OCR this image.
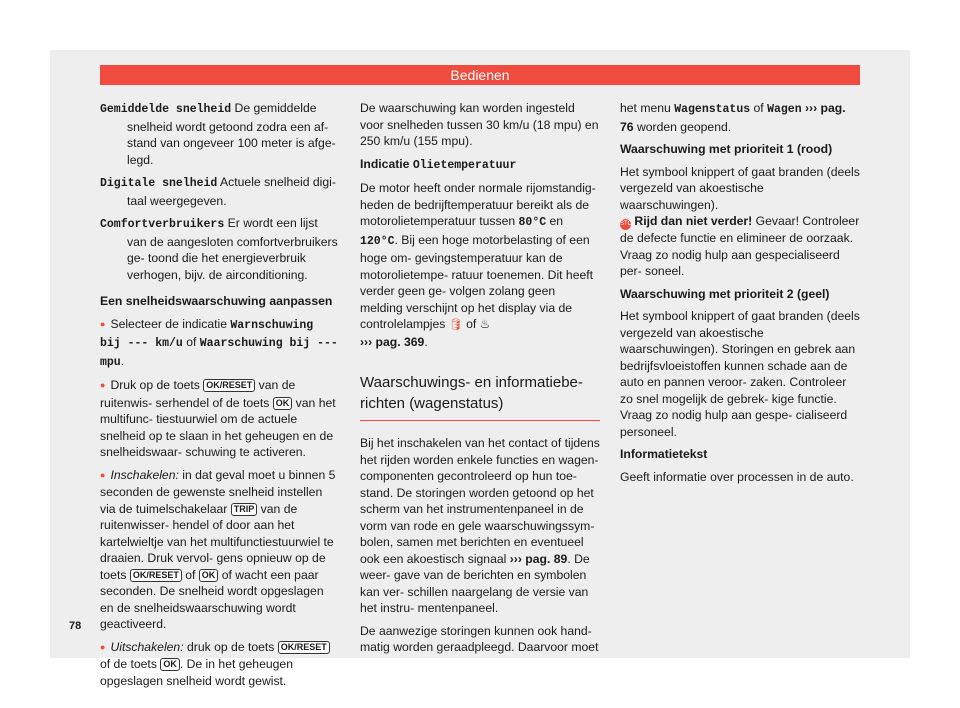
Bedienen

Gemiddelde snelheid De gemiddelde snelheid wordt getoond zodra een af- stand van ongeveer 100 meter is afge- legd.

Digitale snelheid Actuele snelheid digi- taal weergegeven.

Comfortverbruikers Er wordt een lijst van de aangesloten comfortverbruikers ge- toond die het energieverbruik verhogen, bijv. de airconditioning.

Een snelheidswaarschuwing aanpassen

● Selecteer de indicatie Warnschuwing bij --- km/u of Waarschuwing bij --- mpu.

● Druk op de toets OK/RESET van de ruitenwis- serhendel of de toets OK van het multifunc- tiestuurwiel om de actuele snelheid op te slaan in het geheugen en de snelheidswaar- schuwing te activeren.

● Inschakelen: in dat geval moet u binnen 5 seconden de gewenste snelheid instellen via de tuimelschakelaar TRIP van de ruitenwisser- hendel of door aan het kartelwieltje van het multifunctiestuurwiel te draaien. Druk vervol- gens opnieuw op de toets OK/RESET of OK of wacht een paar seconden. De snelheid wordt opgeslagen en de snelheidswaarschuwing wordt geactiveerd.

● Uitschakelen: druk op de toets OK/RESET of de toets OK . De in het geheugen opgeslagen snelheid wordt gewist.

De waarschuwing kan worden ingesteld voor snelheden tussen 30 km/u (18 mpu) en 250 km/u (155 mpu).

Indicatie Olietemperatuur

De motor heeft onder normale rijomstandig- heden de bedrijftemperatuur bereikt als de motorolietemperatuur tussen 80°C en 120°C. Bij een hoge motorbelasting of een hoge om- gevingstemperatuur kan de motorolietempe- ratuur toenemen. Dit heeft verder geen ge- volgen zolang geen melding verschijnt op het display via de controlelampjes 🛢 of ♨
››› pag. 369.

Waarschuwings- en informatiebe- richten (wagenstatus)

Bij het inschakelen van het contact of tijdens het rijden worden enkele functies en wagen- componenten gecontroleerd op hun toe- stand. De storingen worden getoond op het scherm van het instrumentenpaneel in de vorm van rode en gele waarschuwingssym- bolen, samen met berichten en eventueel ook een akoestisch signaal ››› pag. 89. De weer- gave van de berichten en symbolen kan ver- schillen naargelang de versie van het instru- mentenpaneel.

De aanwezige storingen kunnen ook hand- matig worden geraadpleegd. Daarvoor moet

het menu Wagenstatus of Wagen ››› pag. 76 worden geopend.

Waarschuwing met prioriteit 1 (rood)

Het symbool knippert of gaat branden (deels vergezeld van akoestische waarschuwingen).
STOP Rijd dan niet verder! Gevaar! Controleer de defecte functie en elimineer de oorzaak. Vraag zo nodig hulp aan gespecialiseerd per- soneel.

Waarschuwing met prioriteit 2 (geel)

Het symbool knippert of gaat branden (deels vergezeld van akoestische waarschuwingen). Storingen en gebrek aan bedrijfsvloeistoffen kunnen schade aan de auto en pannen veroor- zaken. Controleer zo snel mogelijk de gebrek- kige functie. Vraag zo nodig hulp aan gespe- cialiseerd personeel.

Informatietekst

Geeft informatie over processen in de auto.

78
